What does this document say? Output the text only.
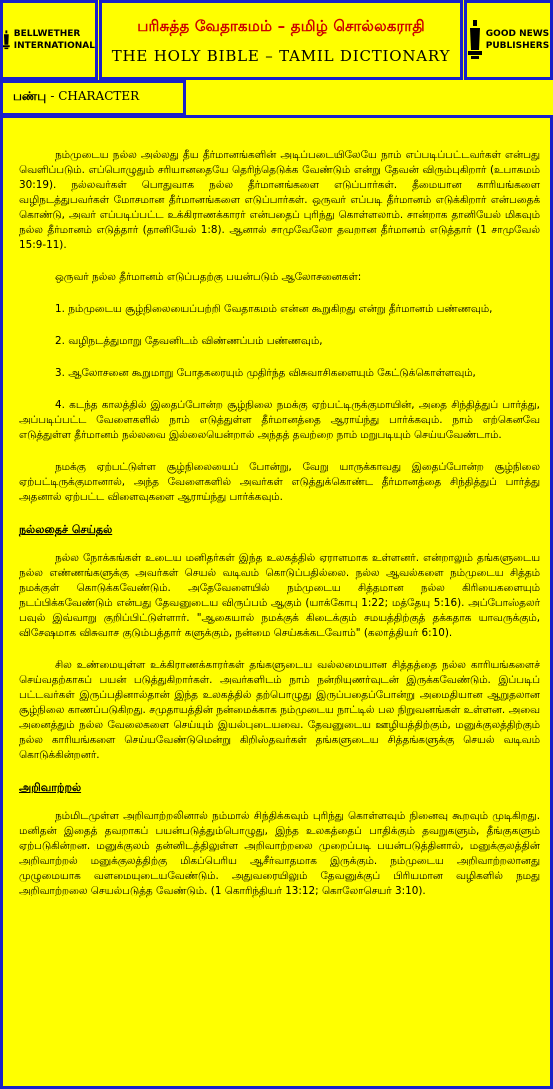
BELLWETHER
INTERNATIONAL
பரிசுத்த வேதாகமம் – தமிழ் சொல்லகராதி
THE HOLY BIBLE – TAMIL DICTIONARY
GOOD NEWS
PUBLISHERS
பண்பு - CHARACTER

நம்முடைய நல்ல அல்லது தீய தீர்மானங்களின் அடிப்படையிலேயே நாம் எப்படிப்பட்டவர்கள் என்பது வெளிப்படும். எப்பொழுதும் சரியானதையே தெரிந்தெடுக்க வேண்டும் என்று தேவன் விரும்புகிறார் (உபாகமம் 30:19). நல்லவர்கள் பொதுவாக நல்ல தீர்மானங்களை எடுப்பார்கள். தீமையான காரியங்களை வழிநடத்துபவர்கள் மோசமான தீர்மானங்களை எடுப்பார்கள். ஒருவர் எப்படி தீர்மானம் எடுக்கிறார் என்பதைக் கொண்டு, அவர் எப்படிப்பட்ட உக்கிராணக்காரர் என்பதைப் புரிந்து கொள்ளலாம். சான்றாக தானியேல் மிகவும் நல்ல தீர்மானம் எடுத்தார் (தானியேல் 1:8). ஆனால் சாமுவேலோ தவறான தீர்மானம் எடுத்தார் (1 சாமுவேல் 15:9-11).

ஒருவர் நல்ல தீர்மானம் எடுப்பதற்கு பயன்படும் ஆலோசனைகள்:

1. நம்முடைய சூழ்நிலையைப்பற்றி வேதாகமம் என்ன கூறுகிறது என்று தீர்மானம் பண்ணவும்,

2. வழிநடத்துமாறு தேவனிடம் விண்ணப்பம் பண்ணவும்,

3. ஆலோசனை கூறுமாறு போதகரையும் முதிர்ந்த விசுவாசிகளையும் கேட்டுக்கொள்ளவும்,

4. கடந்த காலத்தில் இதைப்போன்ற சூழ்நிலை நமக்கு ஏற்பட்டிருக்குமாயின், அதை சிந்தித்துப் பார்த்து, அப்படிப்பட்ட வேளைகளில் நாம் எடுத்துள்ள தீர்மானத்தை ஆராய்ந்து பார்க்கவும். நாம் எற்கெனவே எடுத்துள்ள தீர்மானம் நல்லவை இல்லையென்றால் அந்தத் தவற்றை நாம் மறுபடியும் செய்யவேண்டாம்.

நமக்கு ஏற்பட்டுள்ள சூழ்நிலையைப் போன்று, வேறு யாருக்காவது இதைப்போன்ற சூழ்நிலை ஏற்பட்டிருக்குமானால், அந்த வேளைகளில் அவர்கள் எடுத்துக்கொண்ட தீர்மானத்தை சிந்தித்துப் பார்த்து அதனால் ஏற்பட்ட விளைவுகளை ஆராய்ந்து பார்க்கவும்.

நல்லதைச் செய்தல்

நல்ல நோக்கங்கள் உடைய மனிதர்கள் இந்த உலகத்தில் ஏராளமாக உள்ளனர். என்றாலும் தங்களுடைய நல்ல எண்ணங்களுக்கு அவர்கள் செயல் வடிவம் கொடுப்பதில்லை. நல்ல ஆவல்களை நம்முடைய சித்தம் நமக்குள் கொடுக்கவேண்டும். அதேவேளையில் நம்முடைய சித்தமான நல்ல கிரியைகளையும் நடப்பிக்கவேண்டும் என்பது தேவனுடைய விருப்பம் ஆகும் (யாக்கோபு 1:22; மத்தேயு 5:16). அப்போஸ்தலர் பவுல் இவ்வாறு குறிப்பிட்டுள்ளார். "ஆகையால் நமக்குக் கிடைக்கும் சமயத்திற்குத் தக்கதாக யாவருக்கும், விசேஷமாக விசுவாச குடும்பத்தார் களுக்கும், நன்மை செய்கக்கடவோம்" (கலாத்தியர் 6:10).

சில உண்மையுள்ள உக்கிராணக்காரர்கள் தங்களுடைய வல்லமையான சித்தத்தை நல்ல காரியங்களைச் செய்வதற்காகப் பயன் படுத்துகிறார்கள். அவர்களிடம் நாம் நன்றியுணர்வுடன் இருக்கவேண்டும். இப்படிப் பட்டவர்கள் இருப்பதினால்தான் இந்த உலகத்தில் தற்பொழுது இருப்பதைப்போன்று அமைதியான ஆறுதலான சூழ்நிலை காணப்படுகிறது. சமுதாயத்தின் நன்மைக்காக நம்முடைய நாட்டில் பல நிறுவனங்கள் உள்ளன. அவை அனைத்தும் நல்ல வேலைகளை செய்யும் இயல்புடையவை. தேவனுடைய ஊழியத்திற்கும், மனுக்குலத்திற்கும் நல்ல காரியங்களை செய்யவேண்டுமென்று கிறிஸ்தவர்கள் தங்களுடைய சித்தங்களுக்கு செயல் வடிவம் கொடுக்கின்றனர்.

அறிவாற்றல்

நம்மிடமுள்ள அறிவாற்றலினால் நம்மால் சிந்திக்கவும் புரிந்து கொள்ளவும் நினைவு கூறவும் முடிகிறது. மனிதன் இதைத் தவறாகப் பயன்படுத்தும்பொழுது, இந்த உலகத்தைப் பாதிக்கும் தவறுகளும், தீங்குகளும் ஏற்படுகின்றன. மனுக்குலம் தன்னிடத்திலுள்ள அறிவாற்றலை முறைப்படி பயன்படுத்தினால், மனுக்குலத்தின் அறிவாற்றல் மனுக்குலத்திற்கு மிகப்பெரிய ஆசீர்வாதமாக இருக்கும். நம்முடைய அறிவாற்றலானது முழுமையாக வளமையுடையவேண்டும். அதுவரையிலும் தேவனுக்குப் பிரியமான வழிகளில் நமது அறிவாற்றலை செயல்படுத்த வேண்டும். (1 கொரிந்தியர் 13:12; கொலோசெயர் 3:10).
